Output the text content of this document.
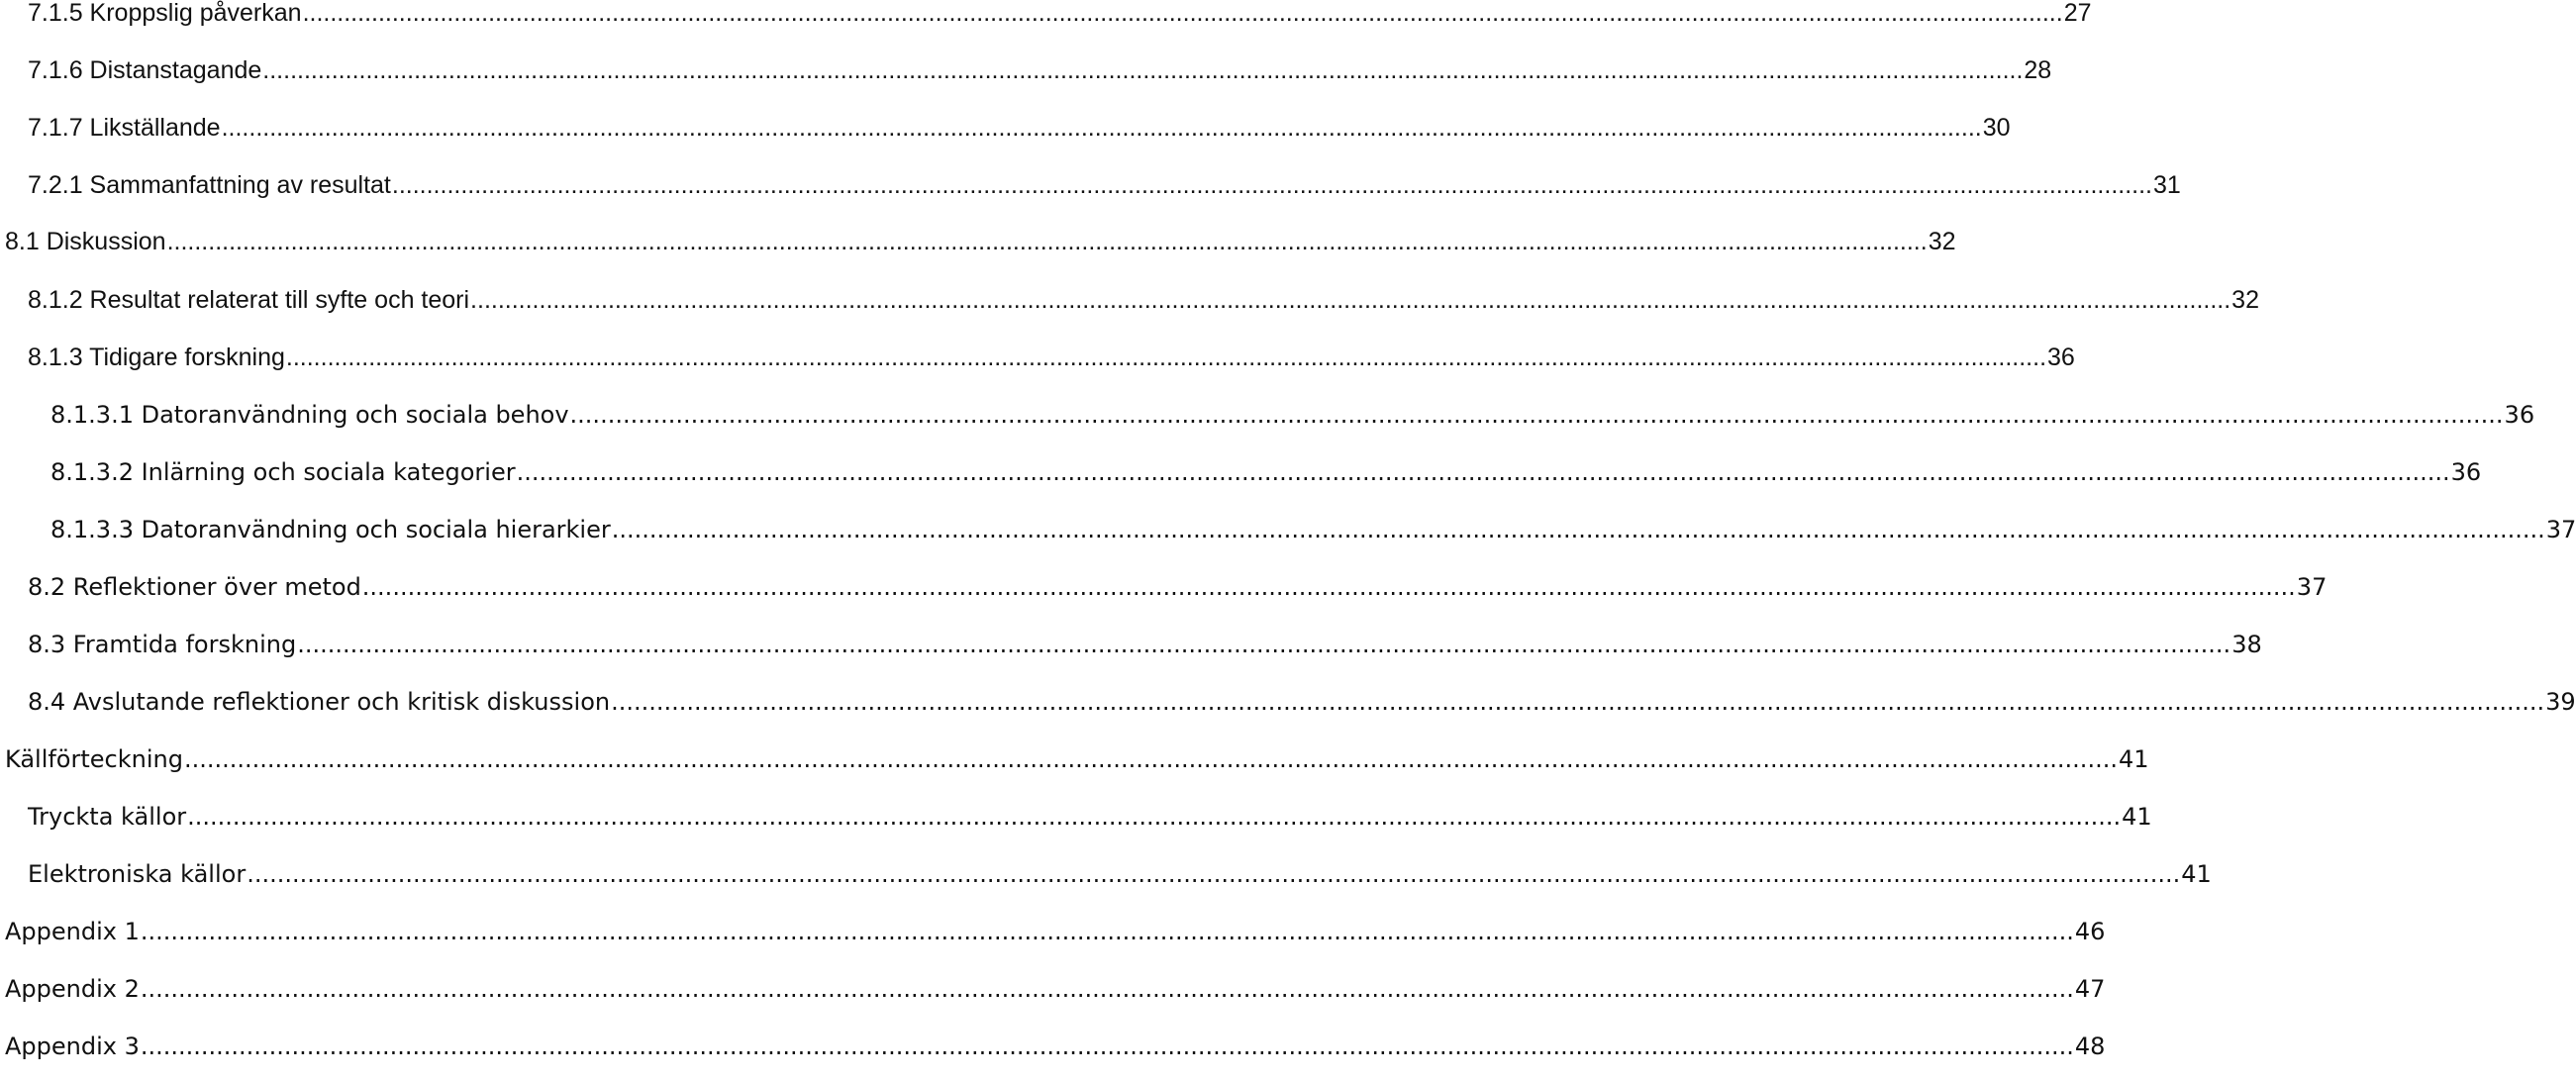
7.1.5 Kroppslig påverkan .....	27
7.1.6 Distanstagande .....	28
7.1.7 Likställande .....	30
7.2.1 Sammanfattning av resultat .....	31
8.1 Diskussion .....	32
8.1.2 Resultat relaterat till syfte och teori .....	32
8.1.3 Tidigare forskning .....	36
8.1.3.1 Datoranvändning och sociala behov .....	36
8.1.3.2 Inlärning och sociala kategorier .....	36
8.1.3.3 Datoranvändning och sociala hierarkier .....	37
8.2 Reflektioner över metod .....	37
8.3 Framtida forskning .....	38
8.4 Avslutande reflektioner och kritisk diskussion .....	39
Källförteckning .....	41
Tryckta källor .....	41
Elektroniska källor .....	41
Appendix 1 .....	46
Appendix 2 .....	47
Appendix 3 .....	48
